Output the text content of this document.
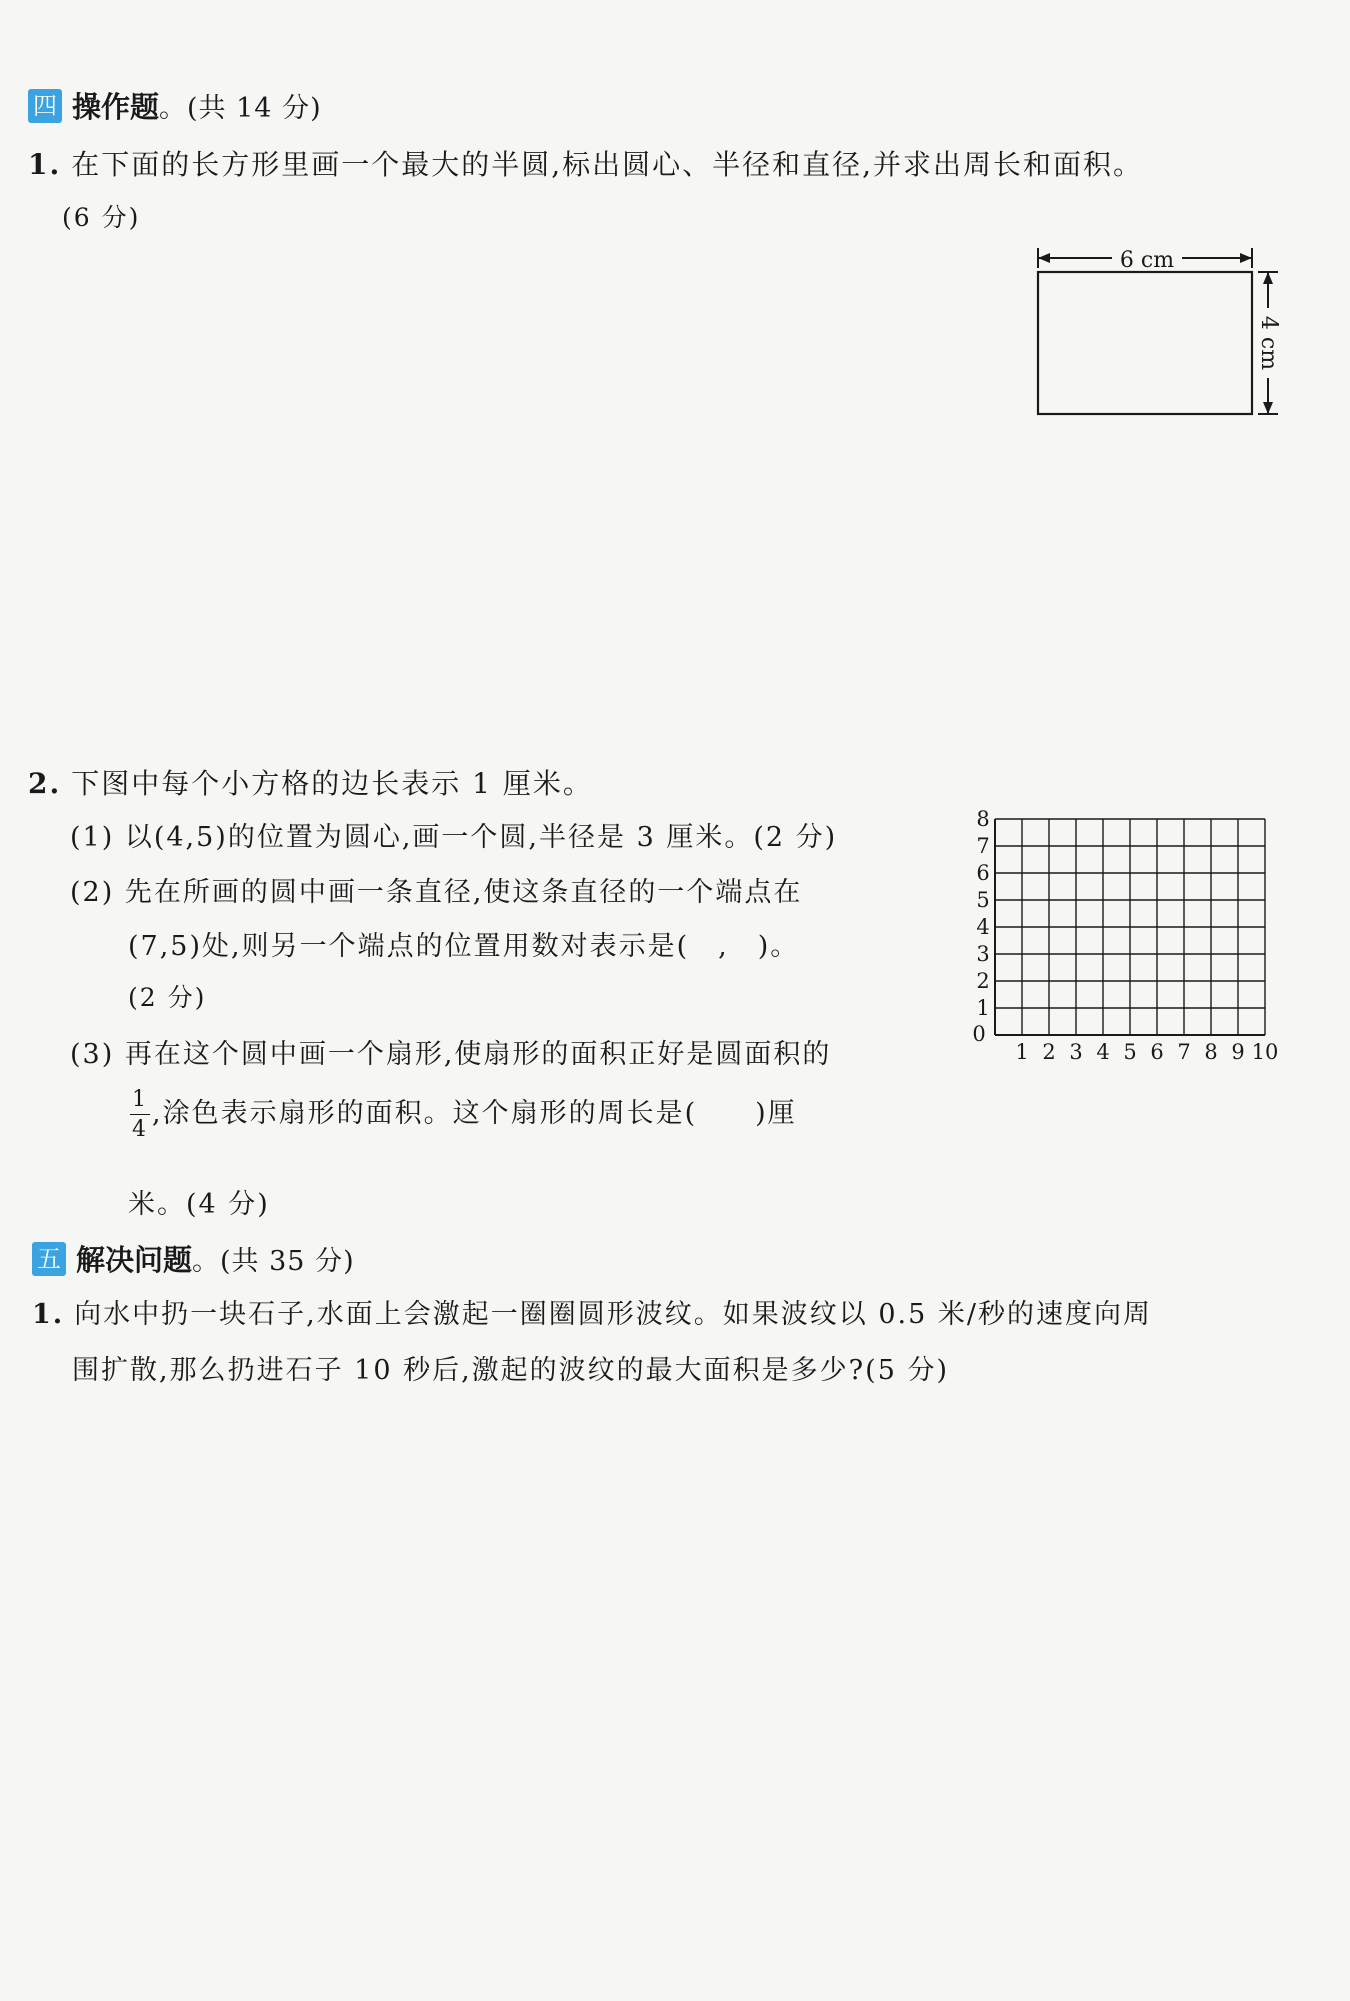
四 操作题 。(共 14 分)
1. 在下面的长方形里画一个最大的半圆,标出圆心、半径和直径,并求出周长和面积。
(6 分)
6 cm
4 cm
2. 下图中每个小方格的边长表示 1 厘米。
(1) 以(4,5)的位置为圆心,画一个圆,半径是 3 厘米。(2 分)
(2) 先在所画的圆中画一条直径,使这条直径的一个端点在
(7,5)处,则另一个端点的位置用数对表示是(　,　)。
(2 分)
(3) 再在这个圆中画一个扇形,使扇形的面积正好是圆面积的
$\frac{1}{4}$ ,涂色表示扇形的面积。这个扇形的周长是(　　)厘
米。(4 分)
0
1 2 3 4 5 6 7 8 9 10
1
2
3
4
5
6
7
8
五 解决问题 。(共 35 分)
1. 向水中扔一块石子,水面上会激起一圈圈圆形波纹。如果波纹以 0.5 米/秒的速度向周
围扩散,那么扔进石子 10 秒后,激起的波纹的最大面积是多少?(5 分)
